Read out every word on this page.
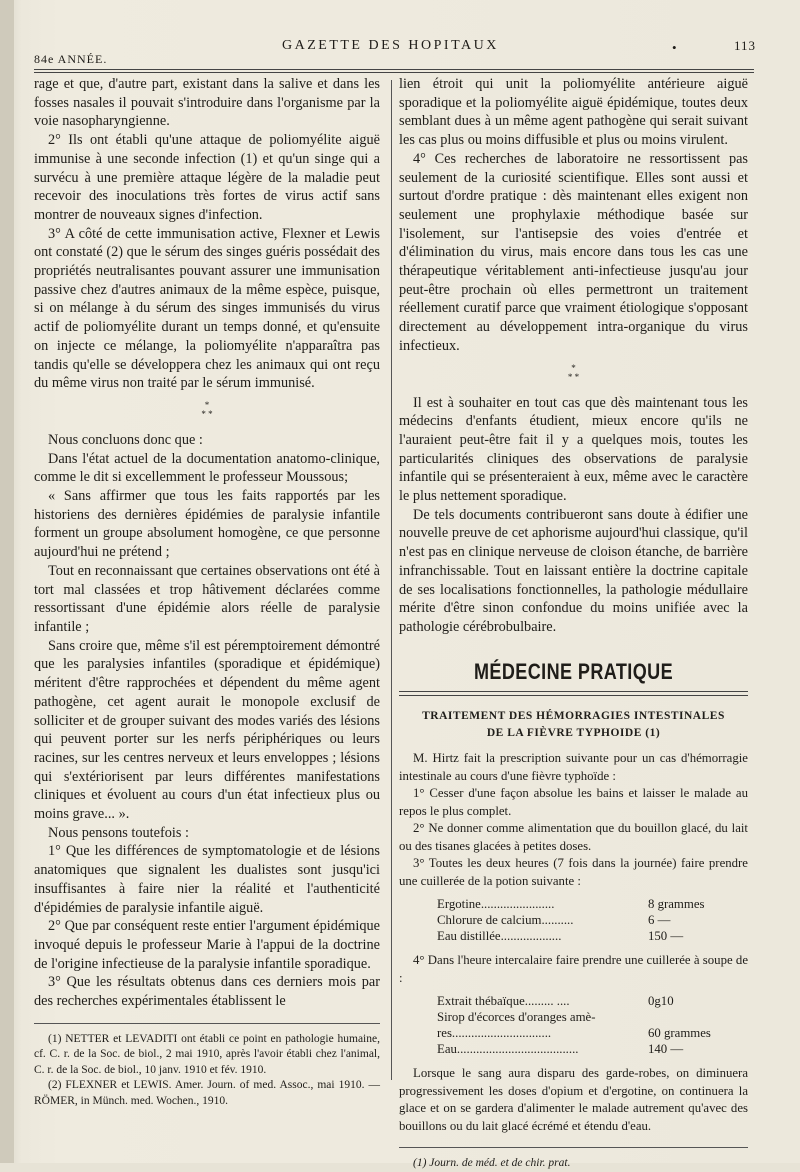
84e ANNÉE.
GAZETTE DES HOPITAUX	•	113

rage et que, d'autre part, existant dans la salive et dans les fosses nasales il pouvait s'introduire dans l'organisme par la voie nasopharyngienne.

2° Ils ont établi qu'une attaque de poliomyélite aiguë immunise à une seconde infection (1) et qu'un singe qui a survécu à une première attaque légère de la maladie peut recevoir des inoculations très fortes de virus actif sans montrer de nouveaux signes d'infection.

3° A côté de cette immunisation active, Flexner et Lewis ont constaté (2) que le sérum des singes guéris possédait des propriétés neutralisantes pouvant assurer une immunisation passive chez d'autres animaux de la même espèce, puisque, si on mélange à du sérum des singes immunisés du virus actif de poliomyélite durant un temps donné, et qu'ensuite on injecte ce mélange, la poliomyélite n'apparaîtra pas tandis qu'elle se développera chez les animaux qui ont reçu du même virus non traité par le sérum immunisé.

*
* *

Nous concluons donc que :

Dans l'état actuel de la documentation anatomo-clinique, comme le dit si excellemment le professeur Moussous;

« Sans affirmer que tous les faits rapportés par les historiens des dernières épidémies de paralysie infantile forment un groupe absolument homogène, ce que personne aujourd'hui ne prétend ;

Tout en reconnaissant que certaines observations ont été à tort mal classées et trop hâtivement déclarées comme ressortissant d'une épidémie alors réelle de paralysie infantile ;

Sans croire que, même s'il est péremptoirement démontré que les paralysies infantiles (sporadique et épidémique) méritent d'être rapprochées et dépendent du même agent pathogène, cet agent aurait le monopole exclusif de solliciter et de grouper suivant des modes variés des lésions qui peuvent porter sur les nerfs périphériques ou leurs racines, sur les centres nerveux et leurs enveloppes ; lésions qui s'extériorisent par leurs différentes manifestations cliniques et évoluent au cours d'un état infectieux plus ou moins grave... ».

Nous pensons toutefois :

1° Que les différences de symptomatologie et de lésions anatomiques que signalent les dualistes sont jusqu'ici insuffisantes à faire nier la réalité et l'authenticité d'épidémies de paralysie infantile aiguë.

2° Que par conséquent reste entier l'argument épidémique invoqué depuis le professeur Marie à l'appui de la doctrine de l'origine infectieuse de la paralysie infantile sporadique.

3° Que les résultats obtenus dans ces derniers mois par des recherches expérimentales établissent le

(1) NETTER et LEVADITI ont établi ce point en pathologie humaine, cf. C. r. de la Soc. de biol., 2 mai 1910, après l'avoir établi chez l'animal, C. r. de la Soc. de biol., 10 janv. 1910 et fév. 1910.

(2) FLEXNER et LEWIS. Amer. Journ. of med. Assoc., mai 1910. — RÖMER, in Münch. med. Wochen., 1910.

lien étroit qui unit la poliomyélite antérieure aiguë sporadique et la poliomyélite aiguë épidémique, toutes deux semblant dues à un même agent pathogène qui serait suivant les cas plus ou moins diffusible et plus ou moins virulent.

4° Ces recherches de laboratoire ne ressortissent pas seulement de la curiosité scientifique. Elles sont aussi et surtout d'ordre pratique : dès maintenant elles exigent non seulement une prophylaxie méthodique basée sur l'isolement, sur l'antisepsie des voies d'entrée et d'élimination du virus, mais encore dans tous les cas une thérapeutique véritablement anti-infectieuse jusqu'au jour peut-être prochain où elles permettront un traitement réellement curatif parce que vraiment étiologique s'opposant directement au développement intra-organique du virus infectieux.

*
* *

Il est à souhaiter en tout cas que dès maintenant tous les médecins d'enfants étudient, mieux encore qu'ils ne l'auraient peut-être fait il y a quelques mois, toutes les particularités cliniques des observations de paralysie infantile qui se présenteraient à eux, même avec le caractère le plus nettement sporadique.

De tels documents contribueront sans doute à édifier une nouvelle preuve de cet aphorisme aujourd'hui classique, qu'il n'est pas en clinique nerveuse de cloison étanche, de barrière infranchissable. Tout en laissant entière la doctrine capitale de ses localisations fonctionnelles, la pathologie médullaire mérite d'être sinon confondue du moins unifiée avec la pathologie cérébrobulbaire.

MÉDECINE PRATIQUE
TRAITEMENT DES HÉMORRAGIES INTESTINALES
DE LA FIÈVRE TYPHOIDE (1)

M. Hirtz fait la prescription suivante pour un cas d'hémorragie intestinale au cours d'une fièvre typhoïde :

1° Cesser d'une façon absolue les bains et laisser le malade au repos le plus complet.

2° Ne donner comme alimentation que du bouillon glacé, du lait ou des tisanes glacées à petites doses.

3° Toutes les deux heures (7 fois dans la journée) faire prendre une cuillerée de la potion suivante :

Ergotine.......................	8 grammes
Chlorure de calcium..........	6 —
Eau distillée...................	150 —

4° Dans l'heure intercalaire faire prendre une cuillerée à soupe de :

Extrait thébaïque......... ....	0g10
Sirop d'écorces d'oranges amè-
res...............................	60 grammes
Eau......................................	140 —

Lorsque le sang aura disparu des garde-robes, on diminuera progressivement les doses d'opium et d'ergotine, on continuera la glace et on se gardera d'alimenter le malade autrement qu'avec des bouillons ou du lait glacé écrémé et étendu d'eau.

(1) Journ. de méd. et de chir. prat.
